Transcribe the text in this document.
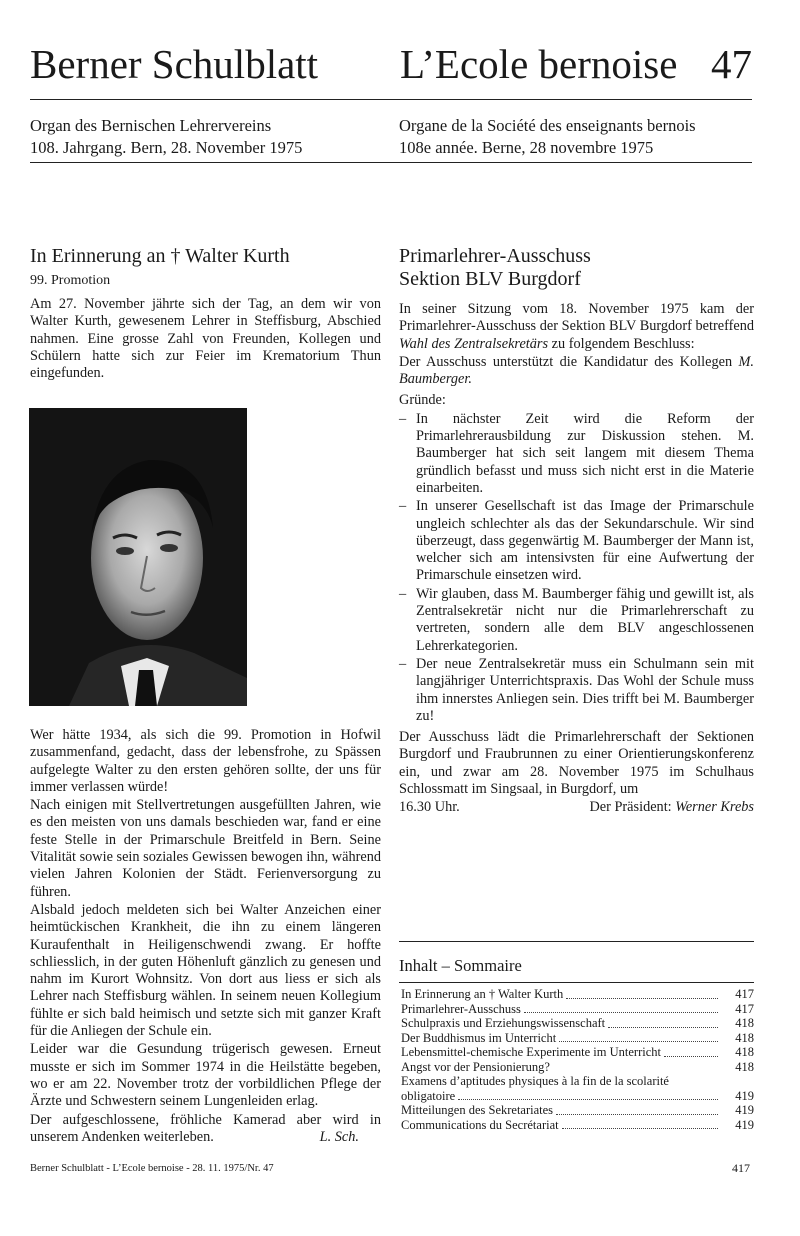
Berner Schulblatt L’Ecole bernoise 47
Organ des Bernischen Lehrervereins
108. Jahrgang. Bern, 28. November 1975
Organe de la Société des enseignants bernois
108e année. Berne, 28 novembre 1975
In Erinnerung an † Walter Kurth
99. Promotion

Am 27. November jährte sich der Tag, an dem wir von Walter Kurth, gewesenem Lehrer in Steffisburg, Abschied nahmen. Eine grosse Zahl von Freunden, Kollegen und Schülern hatte sich zur Feier im Krematorium Thun eingefunden.

Wer hätte 1934, als sich die 99. Promotion in Hofwil zusammenfand, gedacht, dass der lebensfrohe, zu Spässen aufgelegte Walter zu den ersten gehören sollte, der uns für immer verlassen würde!

Nach einigen mit Stellvertretungen ausgefüllten Jahren, wie es den meisten von uns damals beschieden war, fand er eine feste Stelle in der Primarschule Breitfeld in Bern. Seine Vitalität sowie sein soziales Gewissen bewogen ihn, während vielen Jahren Kolonien der Städt. Ferienversorgung zu führen.

Alsbald jedoch meldeten sich bei Walter Anzeichen einer heimtückischen Krankheit, die ihn zu einem längeren Kuraufenthalt in Heiligenschwendi zwang. Er hoffte schliesslich, in der guten Höhenluft gänzlich zu genesen und nahm im Kurort Wohnsitz. Von dort aus liess er sich als Lehrer nach Steffisburg wählen. In seinem neuen Kollegium fühlte er sich bald heimisch und setzte sich mit ganzer Kraft für die Anliegen der Schule ein.

Leider war die Gesundung trügerisch gewesen. Erneut musste er sich im Sommer 1974 in die Heilstätte begeben, wo er am 22. November trotz der vorbildlichen Pflege der Ärzte und Schwestern seinem Lungenleiden erlag.

Der aufgeschlossene, fröhliche Kamerad aber wird in unserem Andenken weiterleben.	L. Sch.

Primarlehrer-Ausschuss
Sektion BLV Burgdorf

In seiner Sitzung vom 18. November 1975 kam der Primarlehrer-Ausschuss der Sektion BLV Burgdorf betreffend Wahl des Zentralsekretärs zu folgendem Beschluss:

Der Ausschuss unterstützt die Kandidatur des Kollegen M. Baumberger.

Gründe:

– In nächster Zeit wird die Reform der Primarlehrerausbildung zur Diskussion stehen. M. Baumberger hat sich seit langem mit diesem Thema gründlich befasst und muss sich nicht erst in die Materie einarbeiten.
– In unserer Gesellschaft ist das Image der Primarschule ungleich schlechter als das der Sekundarschule. Wir sind überzeugt, dass gegenwärtig M. Baumberger der Mann ist, welcher sich am intensivsten für eine Aufwertung der Primarschule einsetzen wird.
– Wir glauben, dass M. Baumberger fähig und gewillt ist, als Zentralsekretär nicht nur die Primarlehrerschaft zu vertreten, sondern alle dem BLV angeschlossenen Lehrerkategorien.
– Der neue Zentralsekretär muss ein Schulmann sein mit langjähriger Unterrichtspraxis. Das Wohl der Schule muss ihm innerstes Anliegen sein. Dies trifft bei M. Baumberger zu!

Der Ausschuss lädt die Primarlehrerschaft der Sektionen Burgdorf und Fraubrunnen zu einer Orientierungskonferenz ein, und zwar am 28. November 1975 im Schulhaus Schlossmatt im Singsaal, in Burgdorf, um

16.30 Uhr.	Der Präsident: Werner Krebs

Inhalt – Sommaire
In Erinnerung an † Walter Kurth	417
Primarlehrer-Ausschuss	417
Schulpraxis und Erziehungswissenschaft	418
Der Buddhismus im Unterricht	418
Lebensmittel-chemische Experimente im Unterricht	418
Angst vor der Pensionierung?	418
Examens d’aptitudes physiques à la fin de la scolarité
obligatoire	419
Mitteilungen des Sekretariates	419
Communications du Secrétariat	419
Berner Schulblatt - L’Ecole bernoise - 28. 11. 1975/Nr. 47	417
